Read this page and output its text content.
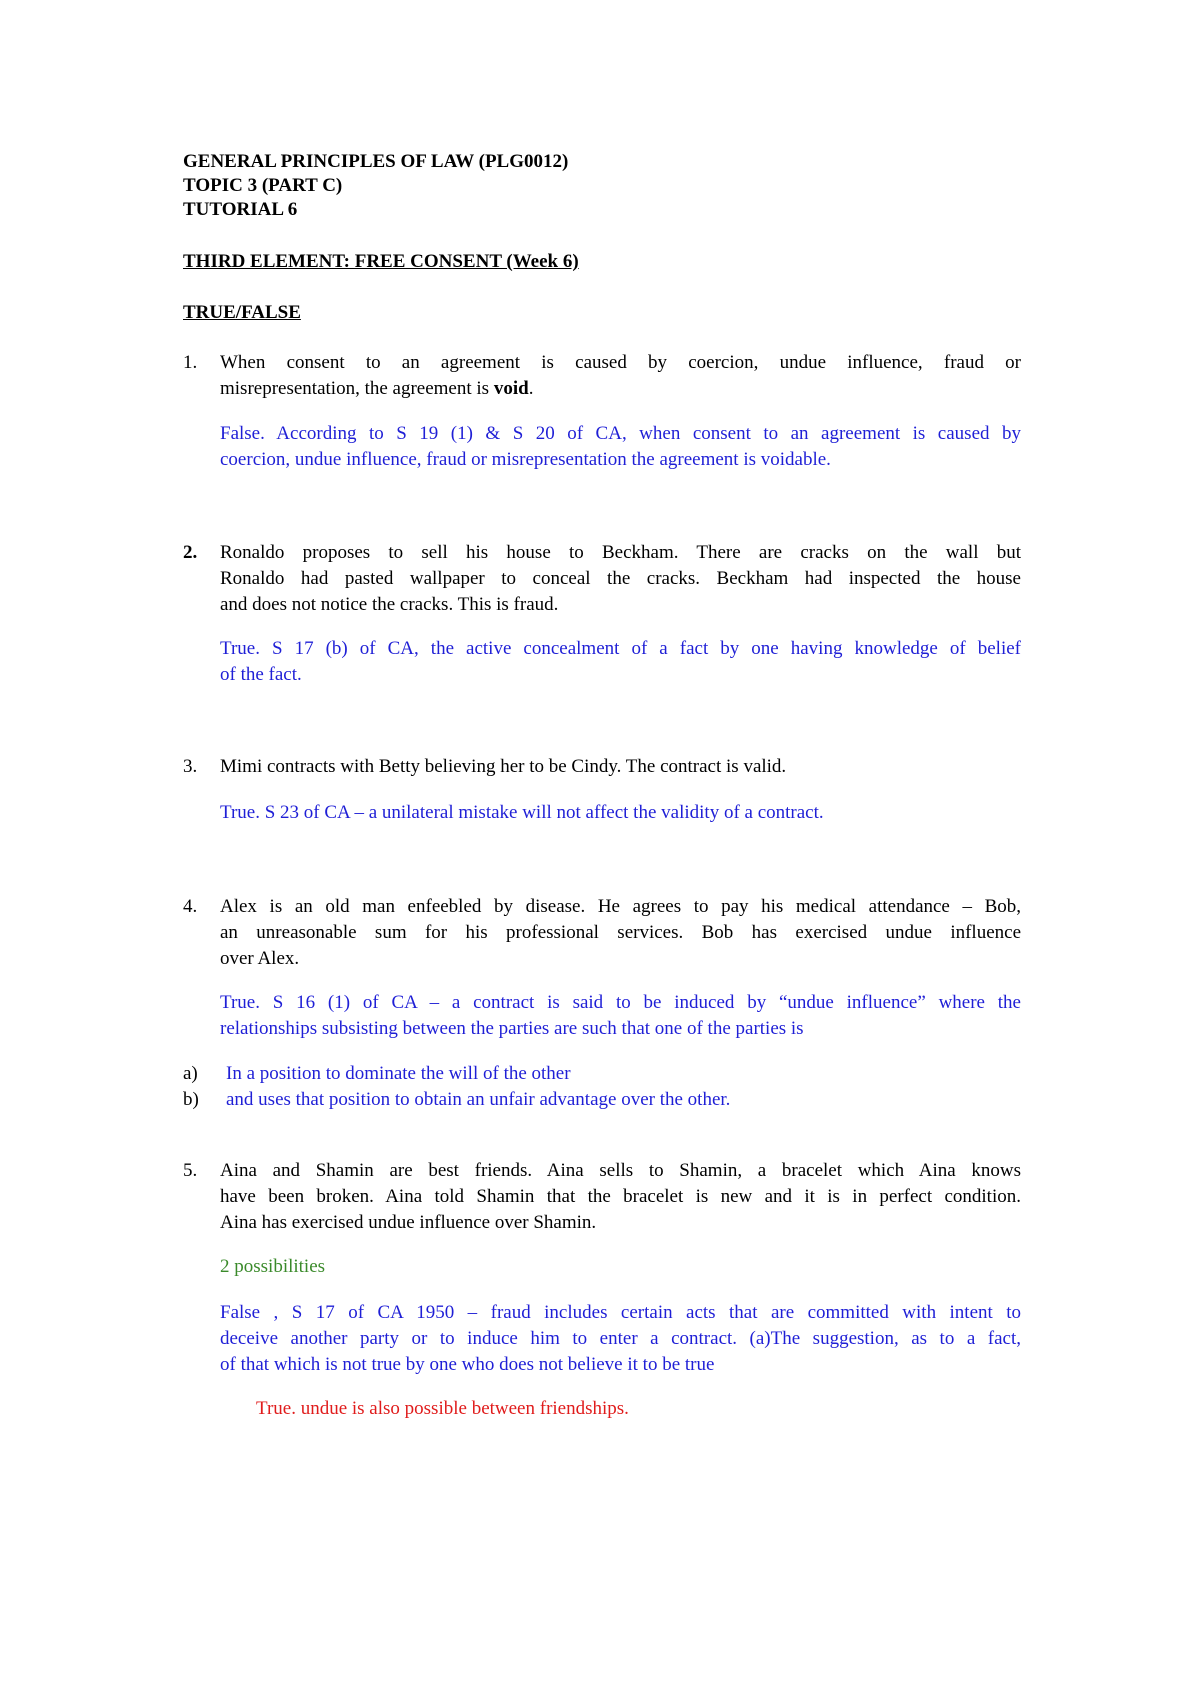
GENERAL PRINCIPLES OF LAW (PLG0012)
TOPIC 3 (PART C)
TUTORIAL 6
THIRD ELEMENT: FREE CONSENT (Week 6)
TRUE/FALSE
1. When consent to an agreement is caused by coercion, undue influence, fraud or
misrepresentation, the agreement is void.
False. According to S 19 (1) & S 20 of CA, when consent to an agreement is caused by
coercion, undue influence, fraud or misrepresentation the agreement is voidable.
2. Ronaldo proposes to sell his house to Beckham. There are cracks on the wall but
Ronaldo had pasted wallpaper to conceal the cracks. Beckham had inspected the house
and does not notice the cracks. This is fraud.
True. S 17 (b) of CA, the active concealment of a fact by one having knowledge of belief
of the fact.
3. Mimi contracts with Betty believing her to be Cindy. The contract is valid.
True. S 23 of CA – a unilateral mistake will not affect the validity of a contract.
4. Alex is an old man enfeebled by disease. He agrees to pay his medical attendance – Bob,
an unreasonable sum for his professional services. Bob has exercised undue influence
over Alex.
True. S 16 (1) of CA – a contract is said to be induced by “undue influence” where the
relationships subsisting between the parties are such that one of the parties is
a) In a position to dominate the will of the other
b) and uses that position to obtain an unfair advantage over the other.
5. Aina and Shamin are best friends. Aina sells to Shamin, a bracelet which Aina knows
have been broken. Aina told Shamin that the bracelet is new and it is in perfect condition.
Aina has exercised undue influence over Shamin.
2 possibilities
False , S 17 of CA 1950 – fraud includes certain acts that are committed with intent to
deceive another party or to induce him to enter a contract. (a)The suggestion, as to a fact,
of that which is not true by one who does not believe it to be true
True. undue is also possible between friendships.
